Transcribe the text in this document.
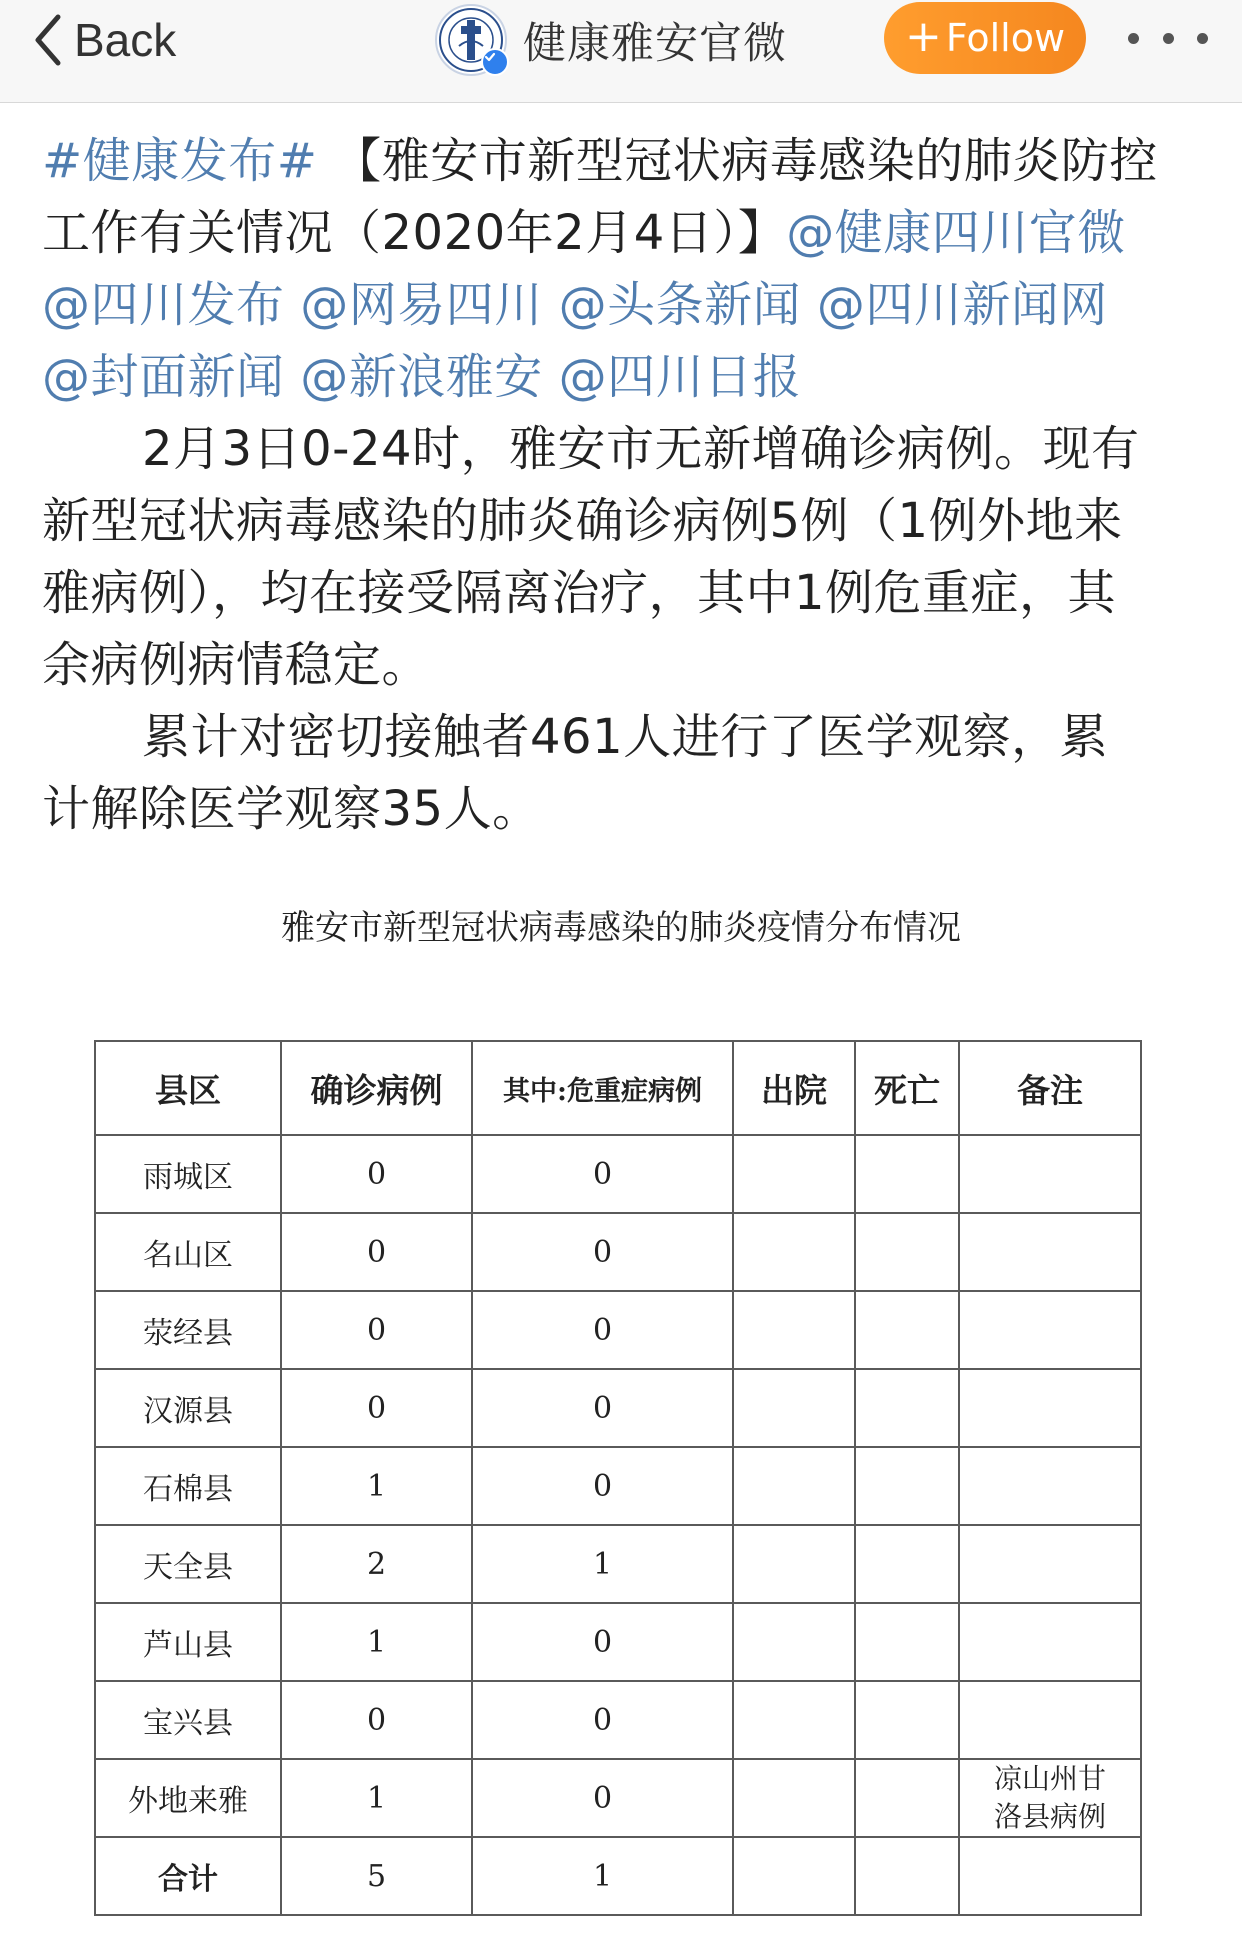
Back	健康雅安官微	+ Follow
#健康发布# 【雅安市新型冠状病毒感染的肺炎防控
工作有关情况（2020年2月4日）】@健康四川官微
@四川发布 @网易四川 @头条新闻 @四川新闻网
@封面新闻 @新浪雅安 @四川日报
2月3日0-24时，雅安市无新增确诊病例。现有
新型冠状病毒感染的肺炎确诊病例5例（1例外地来
雅病例），均在接受隔离治疗，其中1例危重症，其
余病例病情稳定。
累计对密切接触者461人进行了医学观察，累
计解除医学观察35人。
雅安市新型冠状病毒感染的肺炎疫情分布情况
县区	确诊病例	其中:危重症病例	出院	死亡	备注
雨城区	0	0			
名山区	0	0			
荥经县	0	0			
汉源县	0	0			
石棉县	1	0			
天全县	2	1			
芦山县	1	0			
宝兴县	0	0			
外地来雅	1	0			凉山州甘
洛县病例
合计	5	1			
